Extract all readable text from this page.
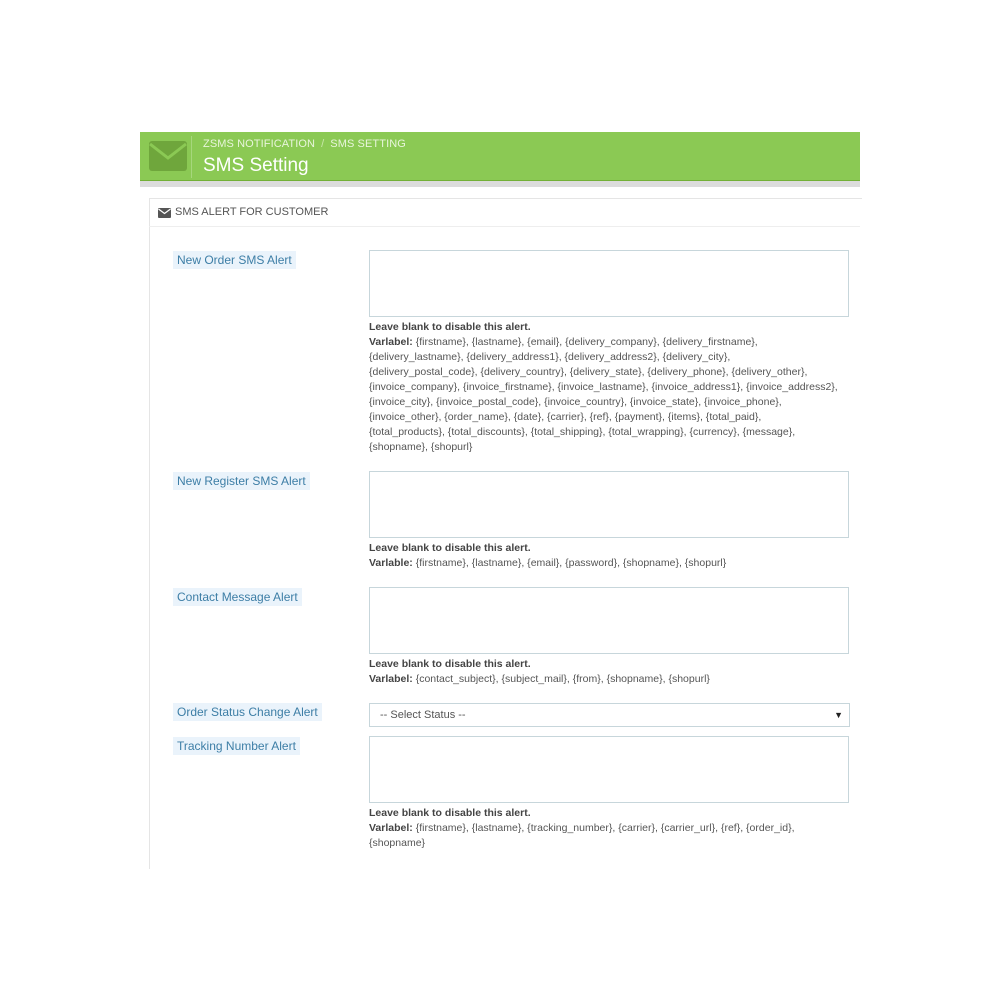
ZSMS NOTIFICATION / SMS SETTING
SMS Setting
SMS ALERT FOR CUSTOMER
New Order SMS Alert
Leave blank to disable this alert.
Varlabel: {firstname}, {lastname}, {email}, {delivery_company}, {delivery_firstname}, {delivery_lastname}, {delivery_address1}, {delivery_address2}, {delivery_city}, {delivery_postal_code}, {delivery_country}, {delivery_state}, {delivery_phone}, {delivery_other}, {invoice_company}, {invoice_firstname}, {invoice_lastname}, {invoice_address1}, {invoice_address2}, {invoice_city}, {invoice_postal_code}, {invoice_country}, {invoice_state}, {invoice_phone}, {invoice_other}, {order_name}, {date}, {carrier}, {ref}, {payment}, {items}, {total_paid}, {total_products}, {total_discounts}, {total_shipping}, {total_wrapping}, {currency}, {message}, {shopname}, {shopurl}
New Register SMS Alert
Leave blank to disable this alert.
Varlable: {firstname}, {lastname}, {email}, {password}, {shopname}, {shopurl}
Contact Message Alert
Leave blank to disable this alert.
Varlabel: {contact_subject}, {subject_mail}, {from}, {shopname}, {shopurl}
Order Status Change Alert	-- Select Status --	▼
Tracking Number Alert
Leave blank to disable this alert.
Varlabel: {firstname}, {lastname}, {tracking_number}, {carrier}, {carrier_url}, {ref}, {order_id}, {shopname}
